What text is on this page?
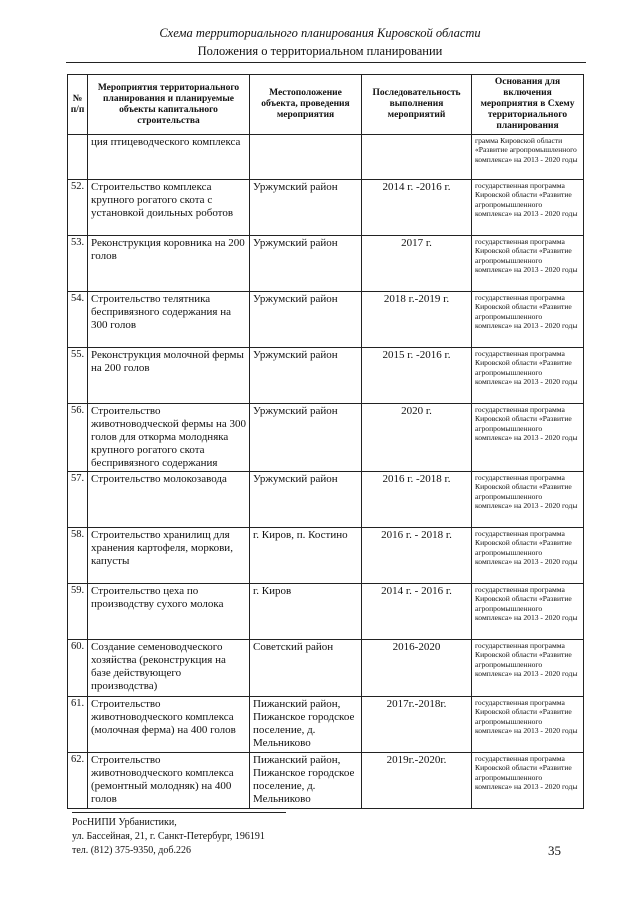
Схема территориального планирования Кировской области
Положения о территориальном планировании
№ п/п	Мероприятия территориального планирования и планируемые объекты капитального строительства	Местоположение объекта, проведения мероприятия	Последовательность выполнения мероприятий	Основания для включения мероприятия в Схему территориального планирования
	ция птицеводческого комплекса			грамма Кировской области «Развитие агропромышленного комплекса» на 2013 - 2020 годы
52.	Строительство комплекса крупного рогатого скота с установкой доильных роботов	Уржумский район	2014 г. -2016 г.	государственная программа Кировской области «Развитие агропромышленного комплекса» на 2013 - 2020 годы
53.	Реконструкция коровника на 200 голов	Уржумский район	2017 г.	государственная программа Кировской области «Развитие агропромышленного комплекса» на 2013 - 2020 годы
54.	Строительство телятника беспривязного содержания на 300 голов	Уржумский район	2018 г.-2019 г.	государственная программа Кировской области «Развитие агропромышленного комплекса» на 2013 - 2020 годы
55.	Реконструкция молочной фермы на 200 голов	Уржумский район	2015 г. -2016 г.	государственная программа Кировской области «Развитие агропромышленного комплекса» на 2013 - 2020 годы
56.	Строительство животноводческой фермы на 300 голов для откорма молодняка крупного рогатого скота беспривязного содержания	Уржумский район	2020 г.	государственная программа Кировской области «Развитие агропромышленного комплекса» на 2013 - 2020 годы
57.	Строительство молокозавода	Уржумский район	2016 г. -2018 г.	государственная программа Кировской области «Развитие агропромышленного комплекса» на 2013 - 2020 годы
58.	Строительство хранилищ для хранения картофеля, моркови, капусты	г. Киров, п. Костино	2016 г. - 2018 г.	государственная программа Кировской области «Развитие агропромышленного комплекса» на 2013 - 2020 годы
59.	Строительство цеха по производству сухого молока	г. Киров	2014 г. - 2016 г.	государственная программа Кировской области «Развитие агропромышленного комплекса» на 2013 - 2020 годы
60.	Создание семеноводческого хозяйства (реконструкция на базе действующего производства)	Советский район	2016-2020	государственная программа Кировской области «Развитие агропромышленного комплекса» на 2013 - 2020 годы
61.	Строительство животноводческого комплекса (молочная ферма) на 400 голов	Пижанский район, Пижанское городское поселение, д. Мельниково	2017г.-2018г.	государственная программа Кировской области «Развитие агропромышленного комплекса» на 2013 - 2020 годы
62.	Строительство животноводческого комплекса (ремонтный молодняк) на 400 голов	Пижанский район, Пижанское городское поселение, д. Мельниково	2019г.-2020г.	государственная программа Кировской области «Развитие агропромышленного комплекса» на 2013 - 2020 годы
РосНИПИ Урбанистики,
ул. Бассейная, 21, г. Санкт-Петербург, 196191
тел. (812) 375-9350, доб.226	35
